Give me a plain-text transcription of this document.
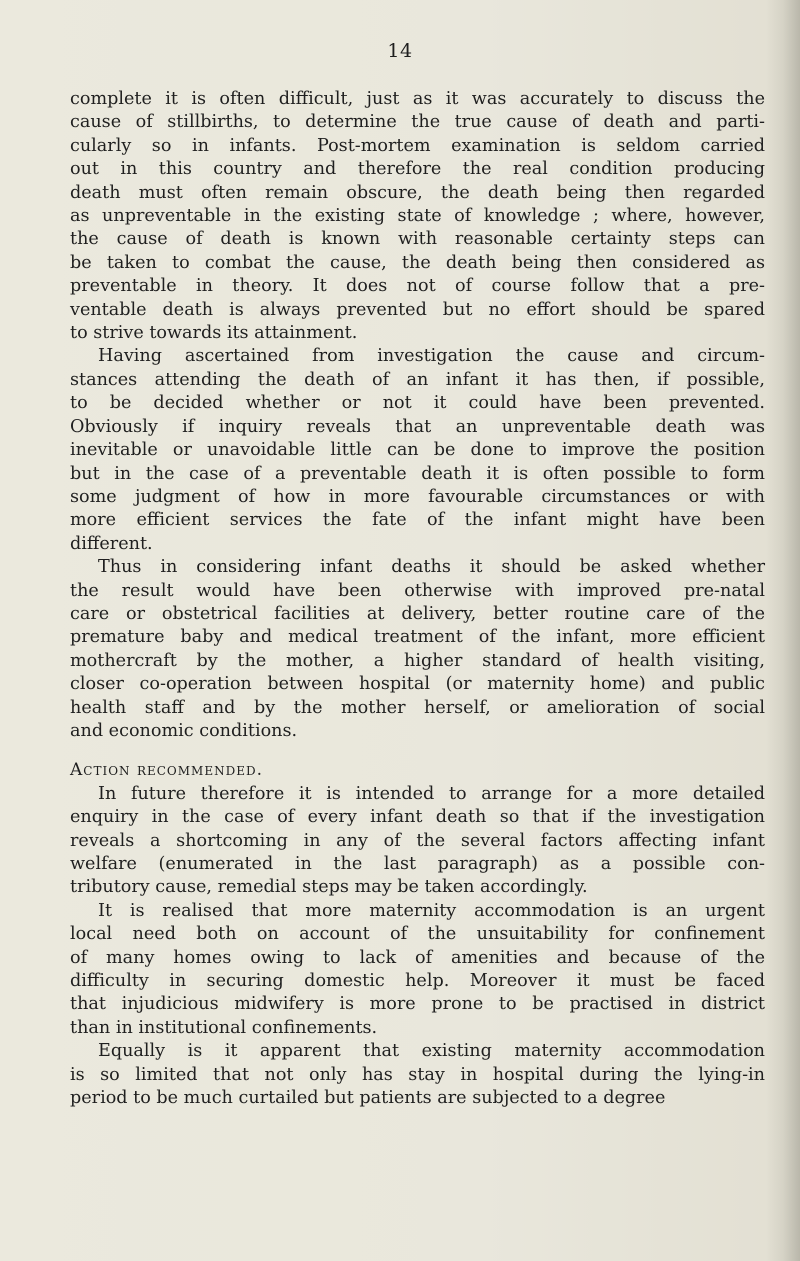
14
complete it is often difficult, just as it was accurately to discuss the
cause of stillbirths, to determine the true cause of death and parti-
cularly so in infants. Post-mortem examination is seldom carried
out in this country and therefore the real condition producing
death must often remain obscure, the death being then regarded
as unpreventable in the existing state of knowledge ; where, however,
the cause of death is known with reasonable certainty steps can
be taken to combat the cause, the death being then considered as
preventable in theory. It does not of course follow that a pre-
ventable death is always prevented but no effort should be spared
to strive towards its attainment.
Having ascertained from investigation the cause and circum-
stances attending the death of an infant it has then, if possible,
to be decided whether or not it could have been prevented.
Obviously if inquiry reveals that an unpreventable death was
inevitable or unavoidable little can be done to improve the position
but in the case of a preventable death it is often possible to form
some judgment of how in more favourable circumstances or with
more efficient services the fate of the infant might have been
different.
Thus in considering infant deaths it should be asked whether
the result would have been otherwise with improved pre-natal
care or obstetrical facilities at delivery, better routine care of the
premature baby and medical treatment of the infant, more efficient
mothercraft by the mother, a higher standard of health visiting,
closer co-operation between hospital (or maternity home) and public
health staff and by the mother herself, or amelioration of social
and economic conditions.
Action recommended.
In future therefore it is intended to arrange for a more detailed
enquiry in the case of every infant death so that if the investigation
reveals a shortcoming in any of the several factors affecting infant
welfare (enumerated in the last paragraph) as a possible con-
tributory cause, remedial steps may be taken accordingly.
It is realised that more maternity accommodation is an urgent
local need both on account of the unsuitability for confinement
of many homes owing to lack of amenities and because of the
difficulty in securing domestic help. Moreover it must be faced
that injudicious midwifery is more prone to be practised in district
than in institutional confinements.
Equally is it apparent that existing maternity accommodation
is so limited that not only has stay in hospital during the lying-in
period to be much curtailed but patients are subjected to a degree
